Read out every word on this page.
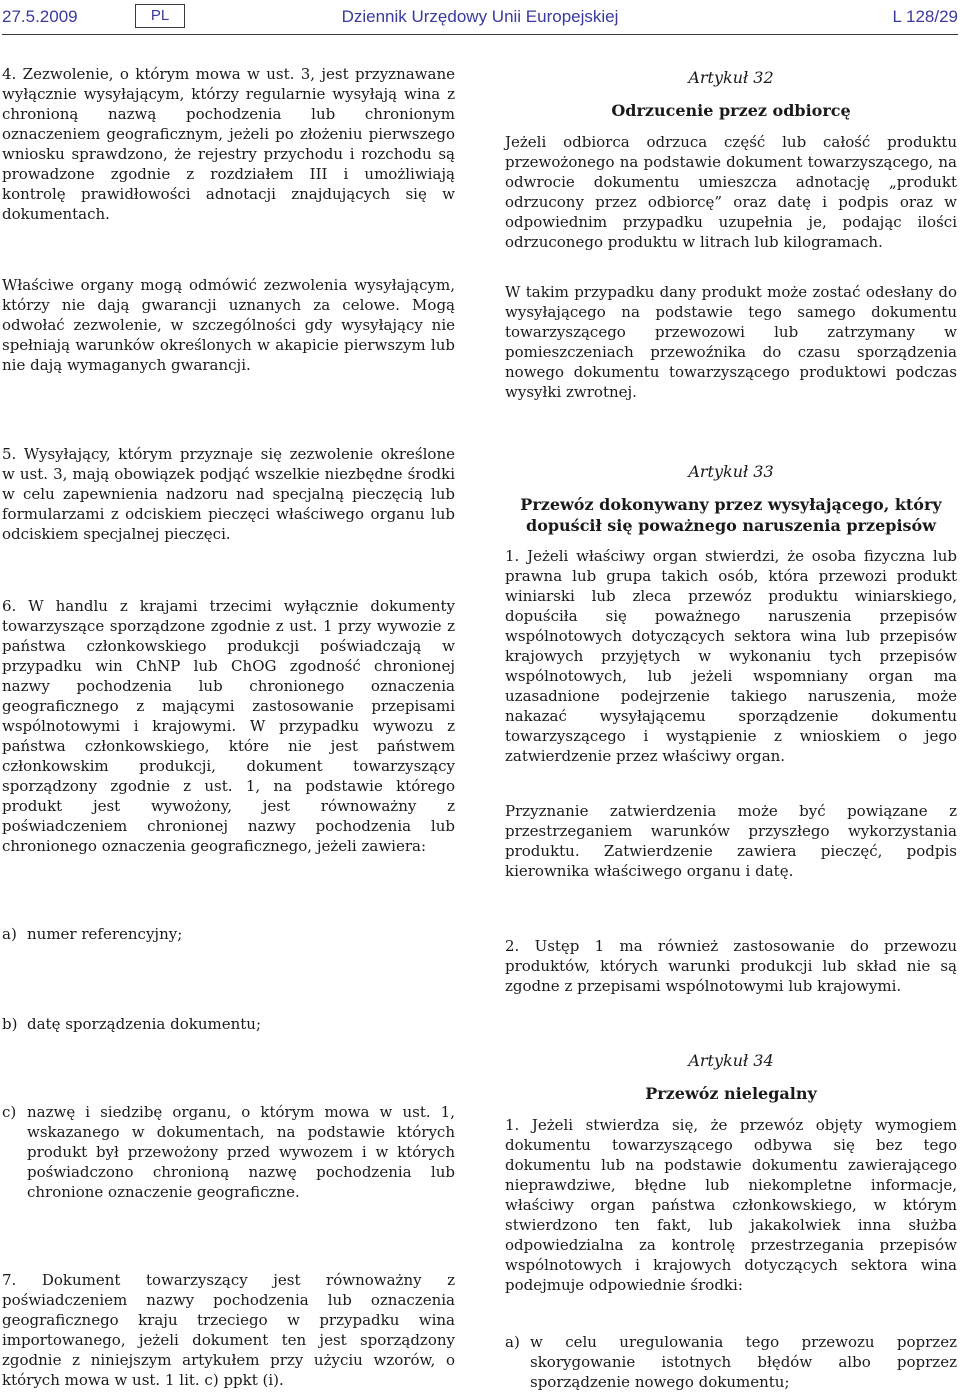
27.5.2009	PL	Dziennik Urzędowy Unii Europejskiej	L 128/29

4. Zezwolenie, o którym mowa w ust. 3, jest przyznawane wyłącznie wysyłającym, którzy regularnie wysyłają wina z chronioną nazwą pochodzenia lub chronionym oznaczeniem geograficznym, jeżeli po złożeniu pierwszego wniosku sprawdzono, że rejestry przychodu i rozchodu są prowadzone zgodnie z rozdziałem III i umożliwiają kontrolę prawidłowości adnotacji znajdujących się w dokumentach.

Właściwe organy mogą odmówić zezwolenia wysyłającym, którzy nie dają gwarancji uznanych za celowe. Mogą odwołać zezwolenie, w szczególności gdy wysyłający nie spełniają warunków określonych w akapicie pierwszym lub nie dają wymaganych gwarancji.

5. Wysyłający, którym przyznaje się zezwolenie określone w ust. 3, mają obowiązek podjąć wszelkie niezbędne środki w celu zapewnienia nadzoru nad specjalną pieczęcią lub formularzami z odciskiem pieczęci właściwego organu lub odciskiem specjalnej pieczęci.

6. W handlu z krajami trzecimi wyłącznie dokumenty towarzyszące sporządzone zgodnie z ust. 1 przy wywozie z państwa członkowskiego produkcji poświadczają w przypadku win ChNP lub ChOG zgodność chronionej nazwy pochodzenia lub chronionego oznaczenia geograficznego z mającymi zastosowanie przepisami wspólnotowymi i krajowymi. W przypadku wywozu z państwa członkowskiego, które nie jest państwem członkowskim produkcji, dokument towarzyszący sporządzony zgodnie z ust. 1, na podstawie którego produkt jest wywożony, jest równoważny z poświadczeniem chronionej nazwy pochodzenia lub chronionego oznaczenia geograficznego, jeżeli zawiera:

a) numer referencyjny;
b) datę sporządzenia dokumentu;
c) nazwę i siedzibę organu, o którym mowa w ust. 1, wskazanego w dokumentach, na podstawie których produkt był przewożony przed wywozem i w których poświadczono chronioną nazwę pochodzenia lub chronione oznaczenie geograficzne.

7. Dokument towarzyszący jest równoważny z poświadczeniem nazwy pochodzenia lub oznaczenia geograficznego kraju trzeciego w przypadku wina importowanego, jeżeli dokument ten jest sporządzony zgodnie z niniejszym artykułem przy użyciu wzorów, o których mowa w ust. 1 lit. c) ppkt (i).

Artykuł 32
Odrzucenie przez odbiorcę

Jeżeli odbiorca odrzuca część lub całość produktu przewożonego na podstawie dokument towarzyszącego, na odwrocie dokumentu umieszcza adnotację „produkt odrzucony przez odbiorcę” oraz datę i podpis oraz w odpowiednim przypadku uzupełnia je, podając ilości odrzuconego produktu w litrach lub kilogramach.

W takim przypadku dany produkt może zostać odesłany do wysyłającego na podstawie tego samego dokumentu towarzyszącego przewozowi lub zatrzymany w pomieszczeniach przewoźnika do czasu sporządzenia nowego dokumentu towarzyszącego produktowi podczas wysyłki zwrotnej.

Artykuł 33
Przewóz dokonywany przez wysyłającego, który dopuścił się poważnego naruszenia przepisów

1. Jeżeli właściwy organ stwierdzi, że osoba fizyczna lub prawna lub grupa takich osób, która przewozi produkt winiarski lub zleca przewóz produktu winiarskiego, dopuściła się poważnego naruszenia przepisów wspólnotowych dotyczących sektora wina lub przepisów krajowych przyjętych w wykonaniu tych przepisów wspólnotowych, lub jeżeli wspomniany organ ma uzasadnione podejrzenie takiego naruszenia, może nakazać wysyłającemu sporządzenie dokumentu towarzyszącego i wystąpienie z wnioskiem o jego zatwierdzenie przez właściwy organ.

Przyznanie zatwierdzenia może być powiązane z przestrzeganiem warunków przyszłego wykorzystania produktu. Zatwierdzenie zawiera pieczęć, podpis kierownika właściwego organu i datę.

2. Ustęp 1 ma również zastosowanie do przewozu produktów, których warunki produkcji lub skład nie są zgodne z przepisami wspólnotowymi lub krajowymi.

Artykuł 34
Przewóz nielegalny

1. Jeżeli stwierdza się, że przewóz objęty wymogiem dokumentu towarzyszącego odbywa się bez tego dokumentu lub na podstawie dokumentu zawierającego nieprawdziwe, błędne lub niekompletne informacje, właściwy organ państwa członkowskiego, w którym stwierdzono ten fakt, lub jakakolwiek inna służba odpowiedzialna za kontrolę przestrzegania przepisów wspólnotowych i krajowych dotyczących sektora wina podejmuje odpowiednie środki:

a) w celu uregulowania tego przewozu poprzez skorygowanie istotnych błędów albo poprzez sporządzenie nowego dokumentu;
